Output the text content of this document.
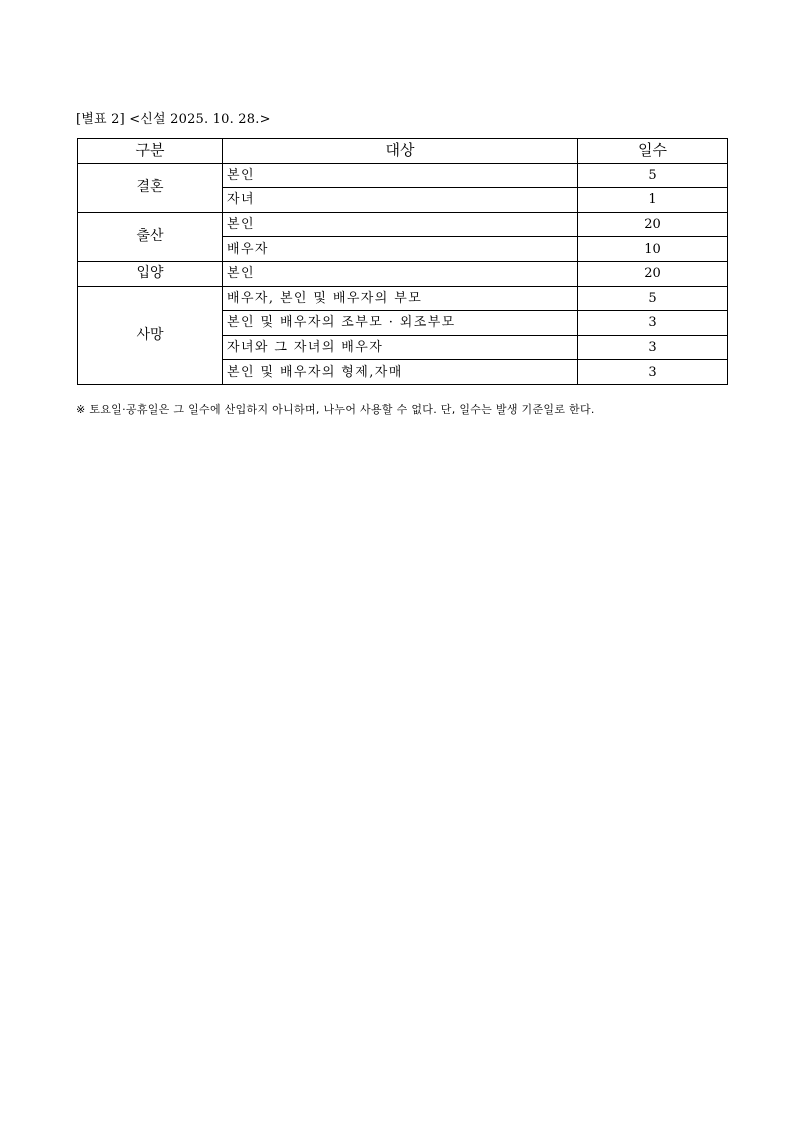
[별표 2] <신설 2025. 10. 28.>
구분	대상	일수
결혼	본인	5
	자녀	1
출산	본인	20
	배우자	10
입양	본인	20
사망	배우자, 본인 및 배우자의 부모	5
	본인 및 배우자의 조부모 · 외조부모	3
	자녀와 그 자녀의 배우자	3
	본인 및 배우자의 형제,자매	3
※ 토요일·공휴일은 그 일수에 산입하지 아니하며, 나누어 사용할 수 없다. 단, 일수는 발생 기준일로 한다.
